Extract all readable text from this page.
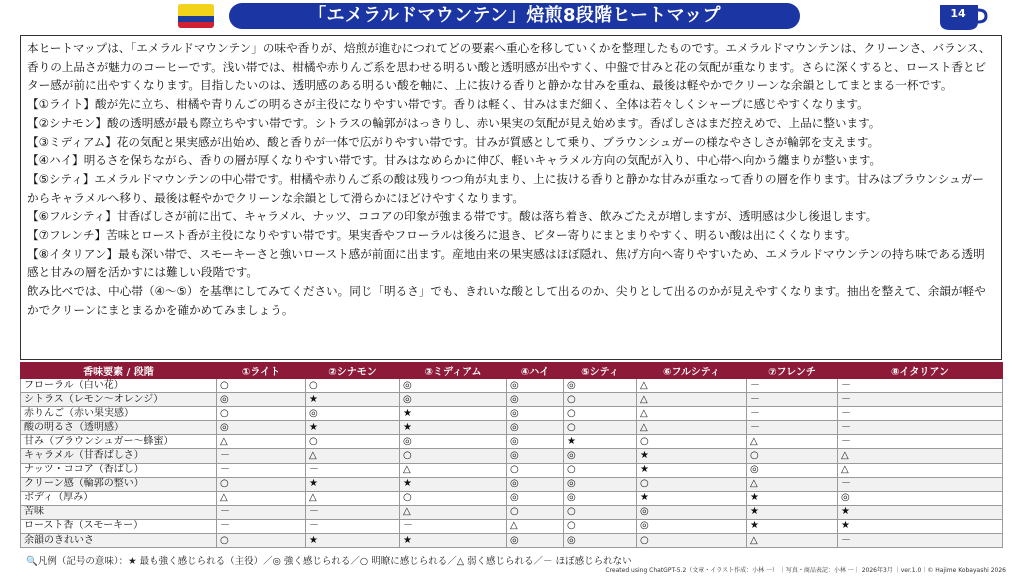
「エメラルドマウンテン」焙煎8段階ヒートマップ	14

本ヒートマップは、「エメラルドマウンテン」の味や香りが、焙煎が進むにつれてどの要素へ重心を移していくかを整理したものです。エメラルドマウンテンは、クリーンさ、バランス、香りの上品さが魅力のコーヒーです。浅い帯では、柑橘や赤りんご系を思わせる明るい酸と透明感が出やすく、中盤で甘みと花の気配が重なります。さらに深くすると、ロースト香とビター感が前に出やすくなります。目指したいのは、透明感のある明るい酸を軸に、上に抜ける香りと静かな甘みを重ね、最後は軽やかでクリーンな余韻としてまとまる一杯です。

【①ライト】酸が先に立ち、柑橘や青りんごの明るさが主役になりやすい帯です。香りは軽く、甘みはまだ細く、全体は若々しくシャープに感じやすくなります。

【②シナモン】酸の透明感が最も際立ちやすい帯です。シトラスの輪郭がはっきりし、赤い果実の気配が見え始めます。香ばしさはまだ控えめで、上品に整います。

【③ミディアム】花の気配と果実感が出始め、酸と香りが一体で広がりやすい帯です。甘みが質感として乗り、ブラウンシュガーの様なやさしさが輪郭を支えます。

【④ハイ】明るさを保ちながら、香りの層が厚くなりやすい帯です。甘みはなめらかに伸び、軽いキャラメル方向の気配が入り、中心帯へ向かう纏まりが整います。

【⑤シティ】エメラルドマウンテンの中心帯です。柑橘や赤りんご系の酸は残りつつ角が丸まり、上に抜ける香りと静かな甘みが重なって香りの層を作ります。甘みはブラウンシュガーからキャラメルへ移り、最後は軽やかでクリーンな余韻として滑らかにほどけやすくなります。

【⑥フルシティ】甘香ばしさが前に出て、キャラメル、ナッツ、ココアの印象が強まる帯です。酸は落ち着き、飲みごたえが増しますが、透明感は少し後退します。

【⑦フレンチ】苦味とロースト香が主役になりやすい帯です。果実香やフローラルは後ろに退き、ビター寄りにまとまりやすく、明るい酸は出にくくなります。

【⑧イタリアン】最も深い帯で、スモーキーさと強いロースト感が前面に出ます。産地由来の果実感はほぼ隠れ、焦げ方向へ寄りやすいため、エメラルドマウンテンの持ち味である透明感と甘みの層を活かすには難しい段階です。

飲み比べでは、中心帯（④〜⑤）を基準にしてみてください。同じ「明るさ」でも、きれいな酸として出るのか、尖りとして出るのかが見えやすくなります。抽出を整えて、余韻が軽やかでクリーンにまとまるかを確かめてみましょう。

香味要素 / 段階	①ライト	②シナモン	③ミディアム	④ハイ	⑤シティ	⑥フルシティ	⑦フレンチ	⑧イタリアン
フローラル（白い花）	○	○	◎	◎	◎	△	－	－
シトラス（レモン〜オレンジ）	◎	★	◎	◎	○	△	－	－
赤りんご（赤い果実感）	○	◎	★	◎	○	△	－	－
酸の明るさ（透明感）	◎	★	★	◎	○	△	－	－
甘み（ブラウンシュガー〜蜂蜜）	△	○	◎	◎	★	○	△	－
キャラメル（甘香ばしさ）	－	△	○	◎	◎	★	○	△
ナッツ・ココア（香ばし）	－	－	△	○	○	★	◎	△
クリーン感（輪郭の整い）	○	★	★	◎	◎	○	△	－
ボディ（厚み）	△	△	○	◎	◎	★	★	◎
苦味	－	－	△	○	○	◎	★	★
ロースト香（スモーキー）	－	－	－	△	○	◎	★	★
余韻のきれいさ	○	★	★	◎	◎	○	△	－
🔍凡例（記号の意味）：★ 最も強く感じられる（主役）／◎ 強く感じられる／○ 明瞭に感じられる／△ 弱く感じられる／－ ほぼ感じられない
Created using ChatGPT-5.2（文章・イラスト作成：小林 一） ｜写真・商品表記：小林 一｜ 2026年3月 ｜ver.1.0｜© Hajime Kobayashi 2026
